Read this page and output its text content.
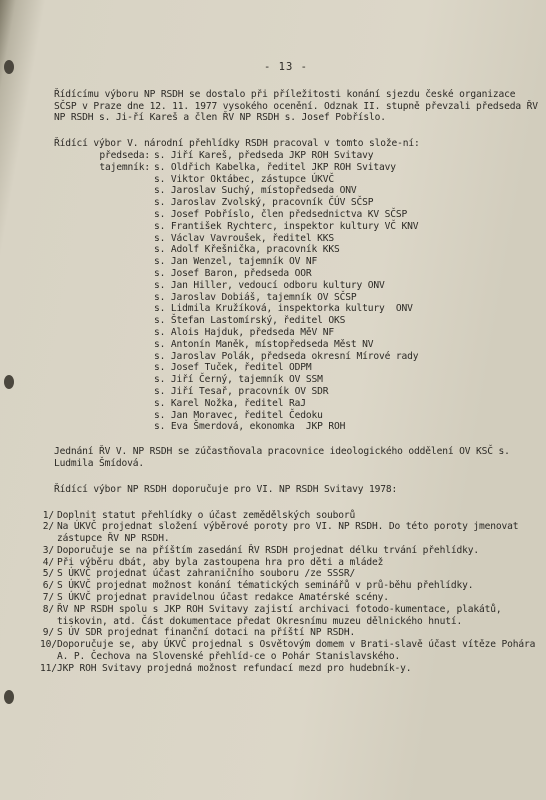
- 13 -
Řídícímu výboru NP RSDH se dostalo při příležitosti konání sjezdu české organizace SČSP v Praze dne 12. 11. 1977 vysokého ocenění. Odznak II. stupně převzali předseda ŘV NP RSDH s. Ji-ří Kareš a člen ŘV NP RSDH s. Josef Pobříslo.
Řídící výbor V. národní přehlídky RSDH pracoval v tomto slože-ní:
předseda: s. Jiří Kareš, předseda JKP ROH Svitavy
tajemník: s. Oldřich Kabelka, ředitel JKP ROH Svitavy
s. Viktor Oktábec, zástupce ÚKVČ
s. Jaroslav Suchý, místopředseda ONV
s. Jaroslav Zvolský, pracovník ČÚV SČSP
s. Josef Pobříslo, člen předsednictva KV SČSP
s. František Rychterc, inspektor kultury VČ KNV
s. Václav Vavroušek, ředitel KKS
s. Adolf Křešnička, pracovník KKS
s. Jan Wenzel, tajemník OV NF
s. Josef Baron, předseda OOR
s. Jan Hiller, vedoucí odboru kultury ONV
s. Jaroslav Dobiáš, tajemník OV SČSP
s. Lidmila Kružíková, inspektorka kultury  ONV
s. Štefan Lastomírský, ředitel OKS
s. Alois Hajduk, předseda MěV NF
s. Antonín Maněk, místopředseda Měst NV
s. Jaroslav Polák, předseda okresní Mírové rady
s. Josef Tuček, ředitel ODPM
s. Jiří Černý, tajemník OV SSM
s. Jiří Tesař, pracovník OV SDR
s. Karel Nožka, ředitel RaJ
s. Jan Moravec, ředitel Čedoku
s. Eva Šmerdová, ekonomka  JKP ROH
Jednání ŘV V. NP RSDH se zúčastňovala pracovnice ideologického oddělení OV KSČ s. Ludmila Šmídová.
Řídící výbor NP RSDH doporučuje pro VI. NP RSDH Svitavy 1978:
1/ Doplnit statut přehlídky o účast zemědělských souborů
2/ Na ÚKVČ projednat složení výběrové poroty pro VI. NP RSDH. Do této poroty jmenovat zástupce ŘV NP RSDH.
3/ Doporučuje se na příštím zasedání ŘV RSDH projednat délku trvání přehlídky.
4/ Při výběru dbát, aby byla zastoupena hra pro děti a mládež
5/ S ÚKVČ projednat účast zahraničního souboru /ze SSSR/
6/ S ÚKVČ projednat možnost konání tématických seminářů v prů-běhu přehlídky.
7/ S ÚKVČ projednat pravidelnou účast redakce Amatérské scény.
8/ ŘV NP RSDH spolu s JKP ROH Svitavy zajistí archivaci fotodo-kumentace, plakátů, tiskovin, atd. Část dokumentace předat Okresnímu muzeu dělnického hnutí.
9/ S ÚV SDR projednat finanční dotaci na příští NP RSDH.
10/ Doporučuje se, aby ÚKVČ projednal s Osvětovým domem v Brati-slavě účast vítěze Pohára A. P. Čechova na Slovenské přehlíd-ce o Pohár Stanislavského.
11/ JKP ROH Svitavy projedná možnost refundací mezd pro hudebník-y.
